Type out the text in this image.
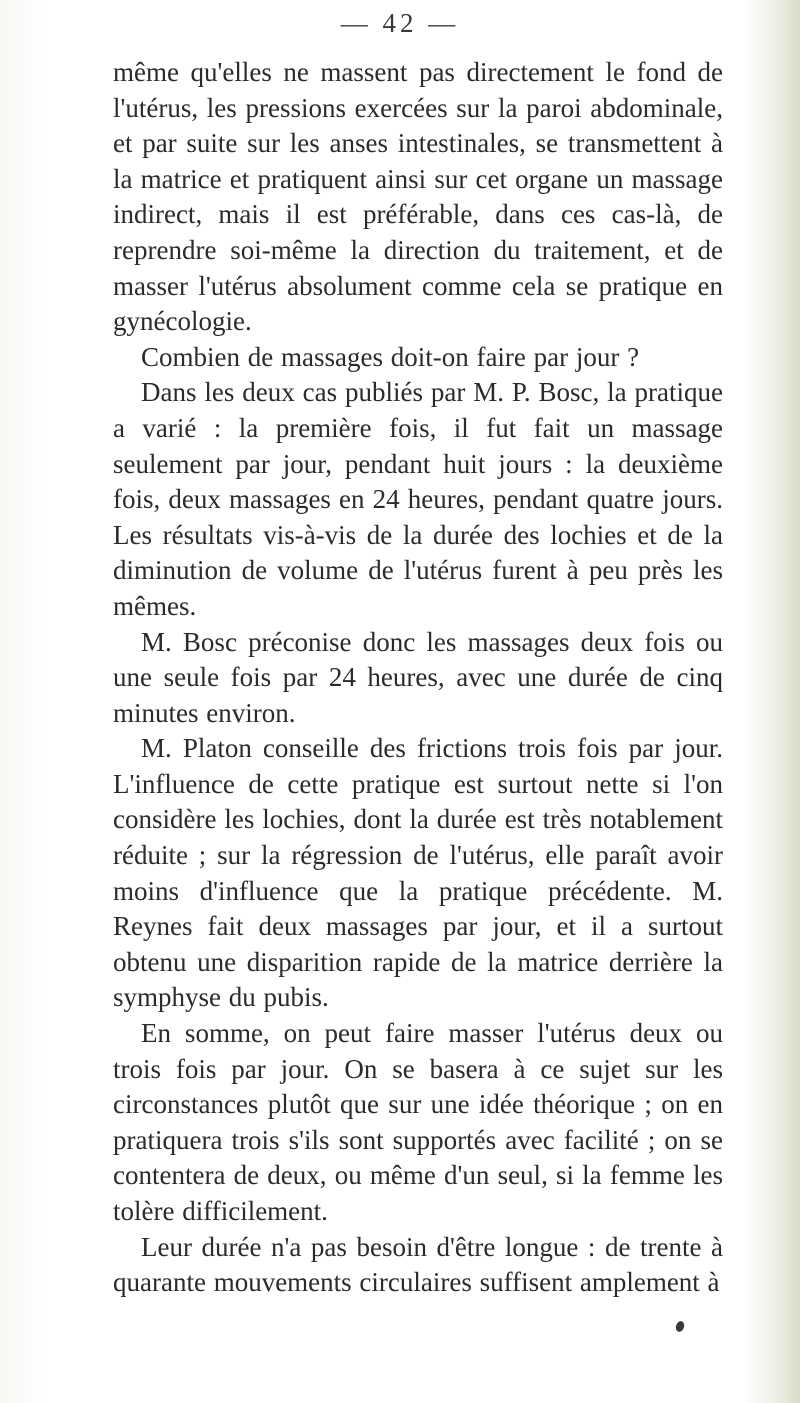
— 42 —

même qu'elles ne massent pas directement le fond de l'utérus, les pressions exercées sur la paroi abdominale, et par suite sur les anses intestinales, se transmettent à la matrice et pratiquent ainsi sur cet organe un massage indirect, mais il est préférable, dans ces cas-là, de reprendre soi-même la direction du traitement, et de masser l'utérus absolument comme cela se pratique en gynécologie.

Combien de massages doit-on faire par jour ?

Dans les deux cas publiés par M. P. Bosc, la pratique a varié : la première fois, il fut fait un massage seulement par jour, pendant huit jours : la deuxième fois, deux massages en 24 heures, pendant quatre jours. Les résultats vis-à-vis de la durée des lochies et de la diminution de volume de l'utérus furent à peu près les mêmes.

M. Bosc préconise donc les massages deux fois ou une seule fois par 24 heures, avec une durée de cinq minutes environ.

M. Platon conseille des frictions trois fois par jour. L'influence de cette pratique est surtout nette si l'on considère les lochies, dont la durée est très notablement réduite ; sur la régression de l'utérus, elle paraît avoir moins d'influence que la pratique précédente. M. Reynes fait deux massages par jour, et il a surtout obtenu une disparition rapide de la matrice derrière la symphyse du pubis.

En somme, on peut faire masser l'utérus deux ou trois fois par jour. On se basera à ce sujet sur les circonstances plutôt que sur une idée théorique ; on en pratiquera trois s'ils sont supportés avec facilité ; on se contentera de deux, ou même d'un seul, si la femme les tolère difficilement.

Leur durée n'a pas besoin d'être longue : de trente à quarante mouvements circulaires suffisent amplement à
